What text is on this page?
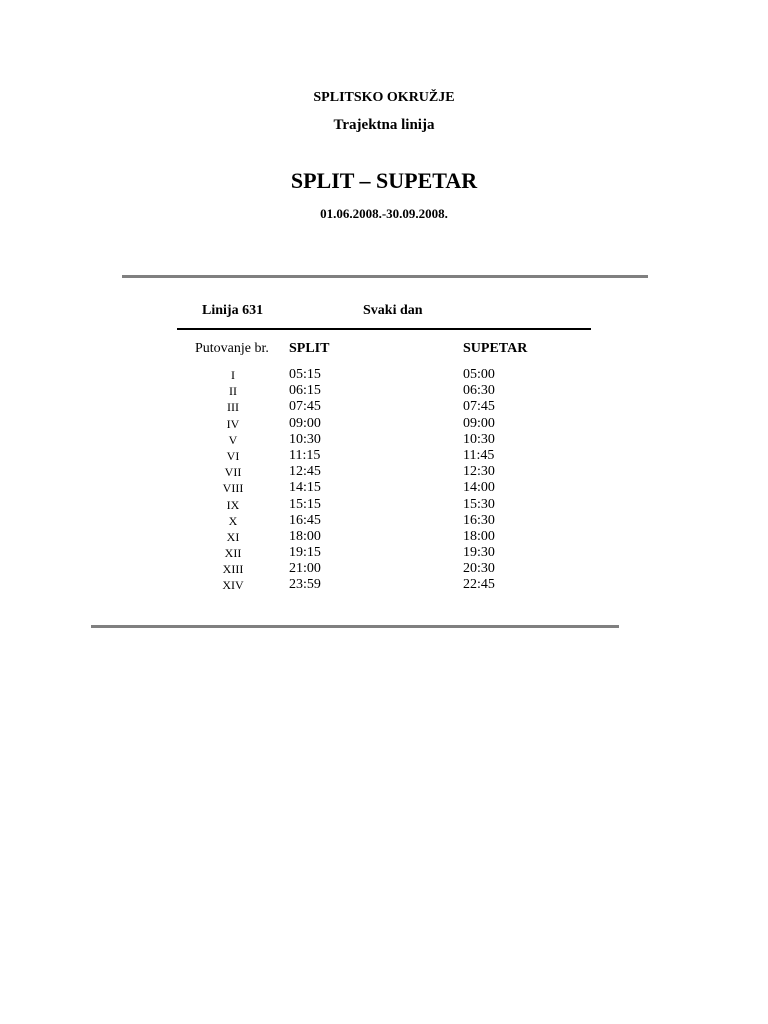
SPLITSKO OKRUŽJE
Trajektna linija
SPLIT – SUPETAR
01.06.2008.-30.09.2008.
Linija 631	Svaki dan
Putovanje br. SPLIT	SUPETAR
I	05:15	05:00
II	06:15	06:30
III	07:45	07:45
IV	09:00	09:00
V	10:30	10:30
VI	11:15	11:45
VII	12:45	12:30
VIII	14:15	14:00
IX	15:15	15:30
X	16:45	16:30
XI	18:00	18:00
XII	19:15	19:30
XIII	21:00	20:30
XIV	23:59	22:45
